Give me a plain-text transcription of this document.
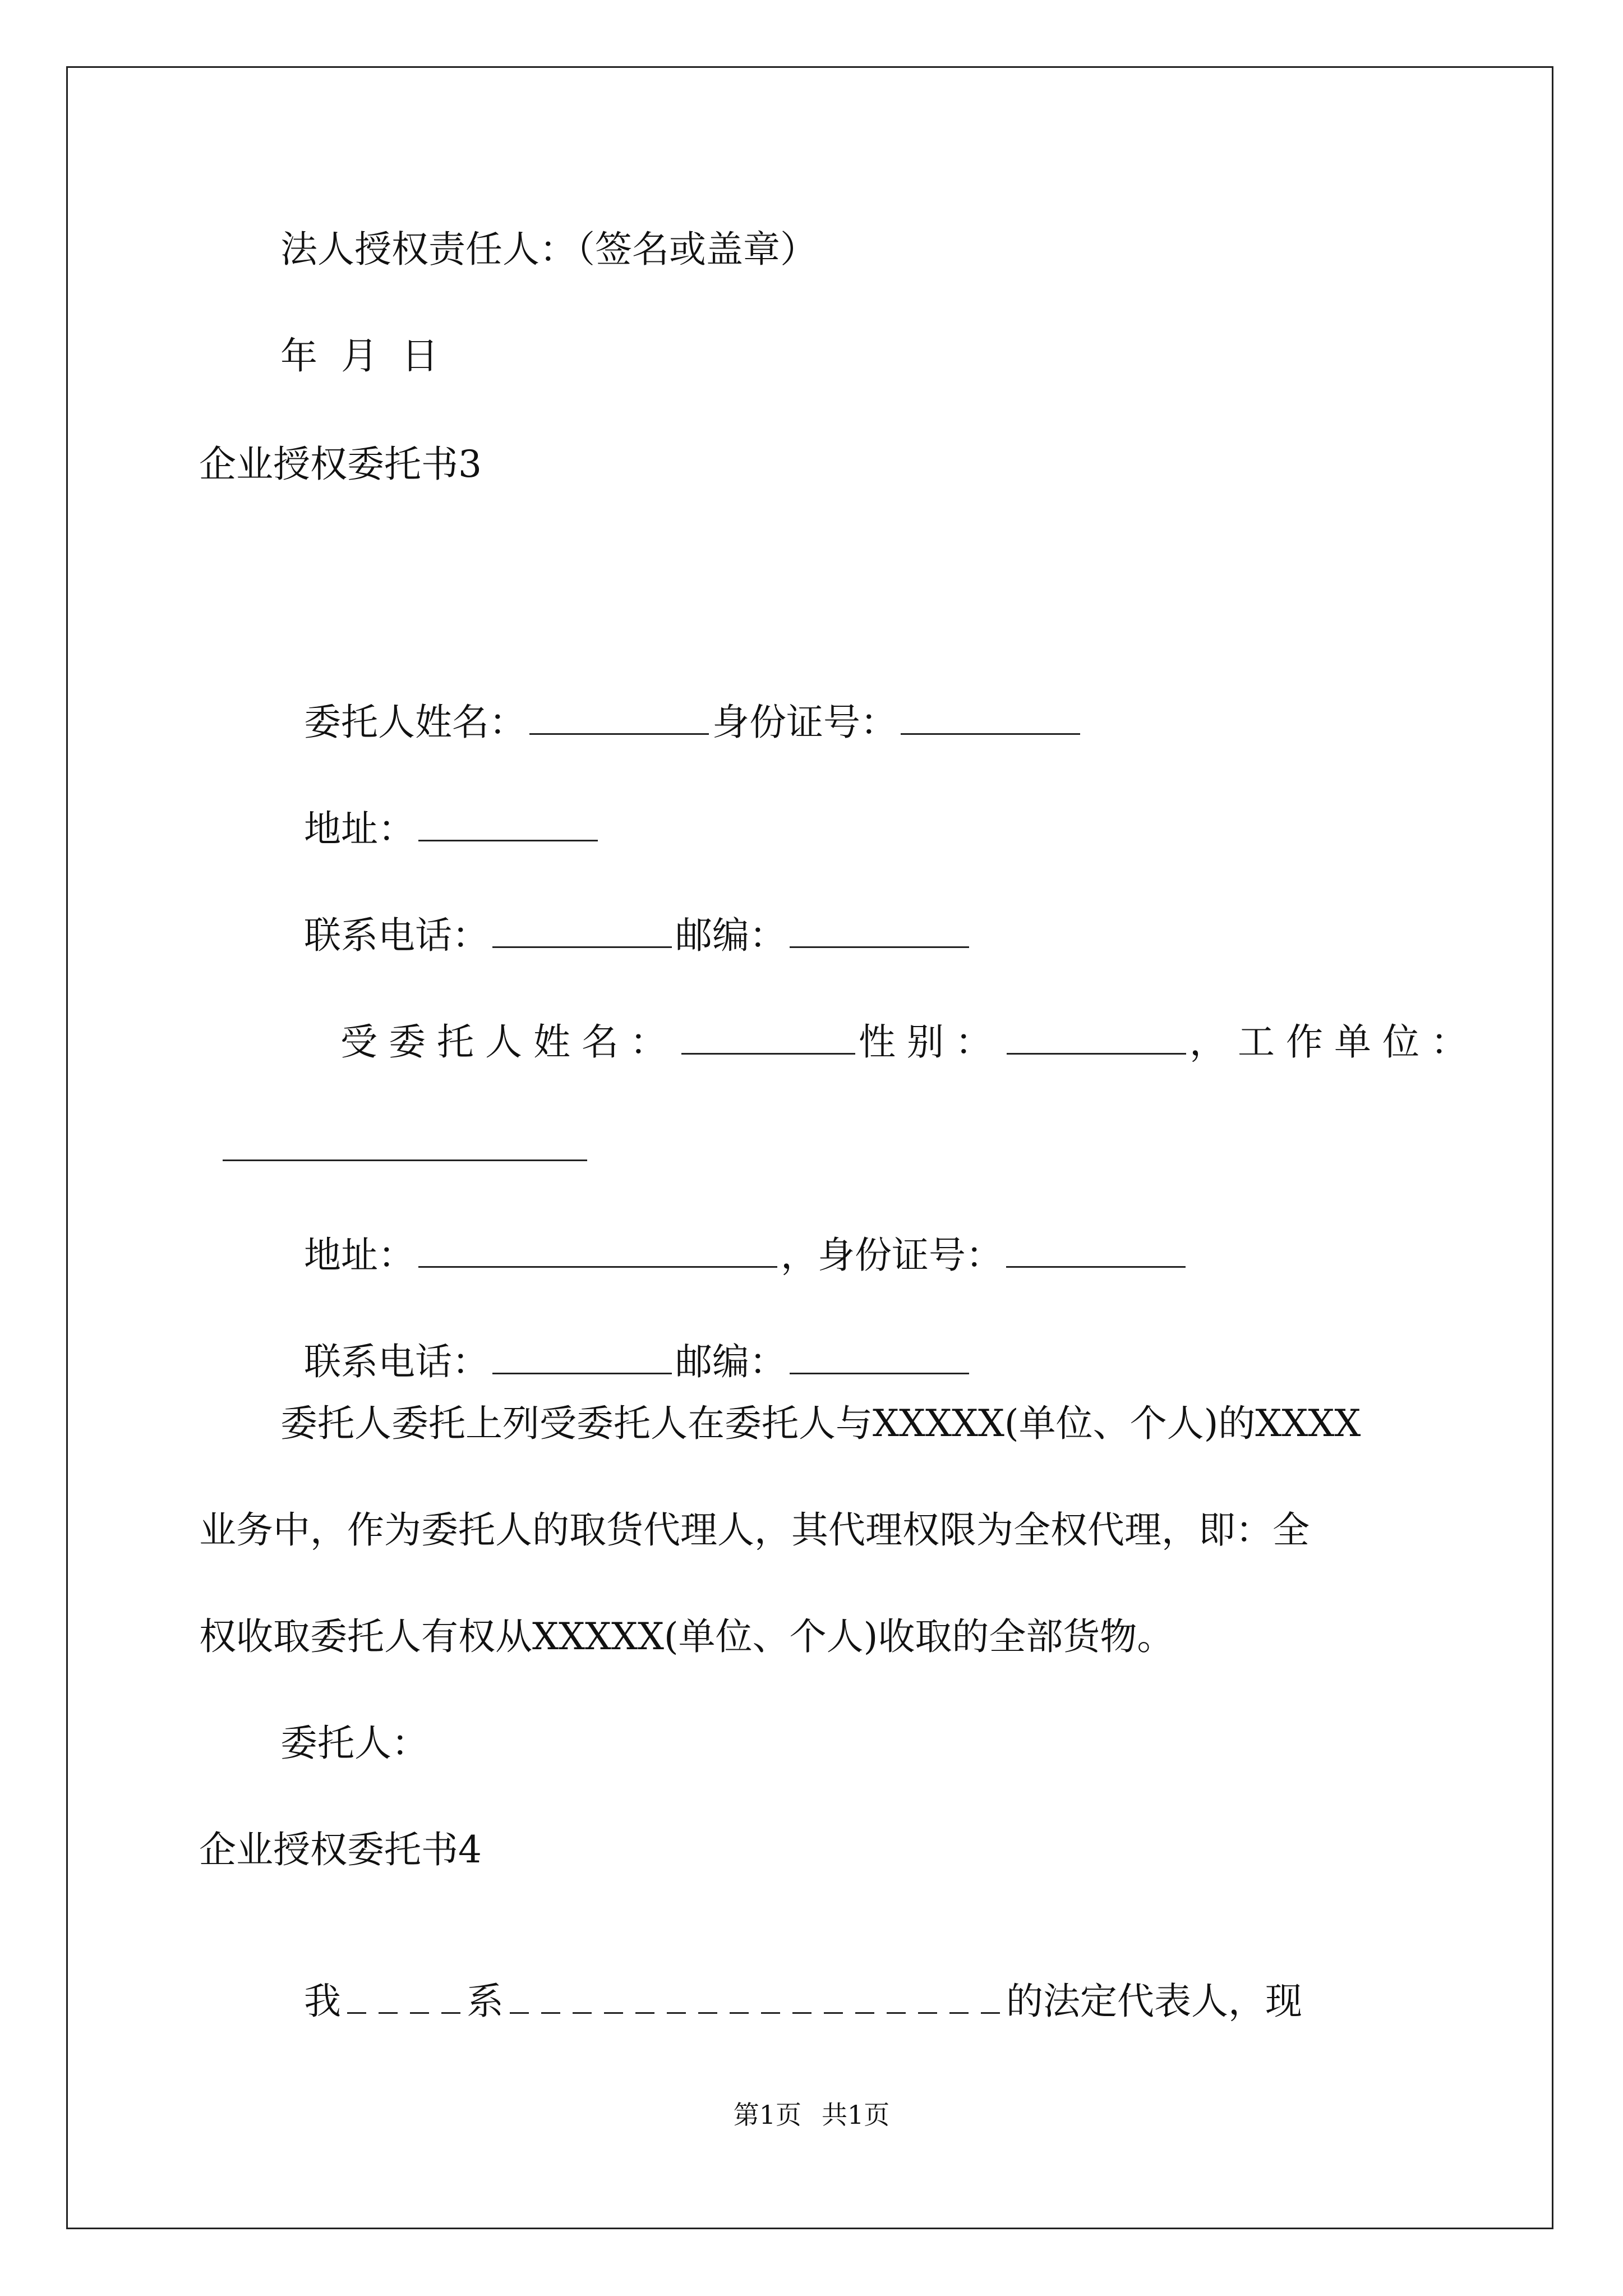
法人授权责任人：（签名或盖章）
年  月  日
企业授权委托书3

委托人姓名：	身份证号：

地址：

联系电话：	邮编：

受委托人姓名：	性别：	，工作单位：

地址：	，身份证号：

联系电话：	邮编：

委托人委托上列受委托人在委托人与XXXXX(单位、个人)的XXXX
业务中，作为委托人的取货代理人，其代理权限为全权代理，即：全
权收取委托人有权从XXXXX(单位、个人)收取的全部货物。
委托人：
企业授权委托书4

我	系	的法定代表人，现

第1页 共1页
